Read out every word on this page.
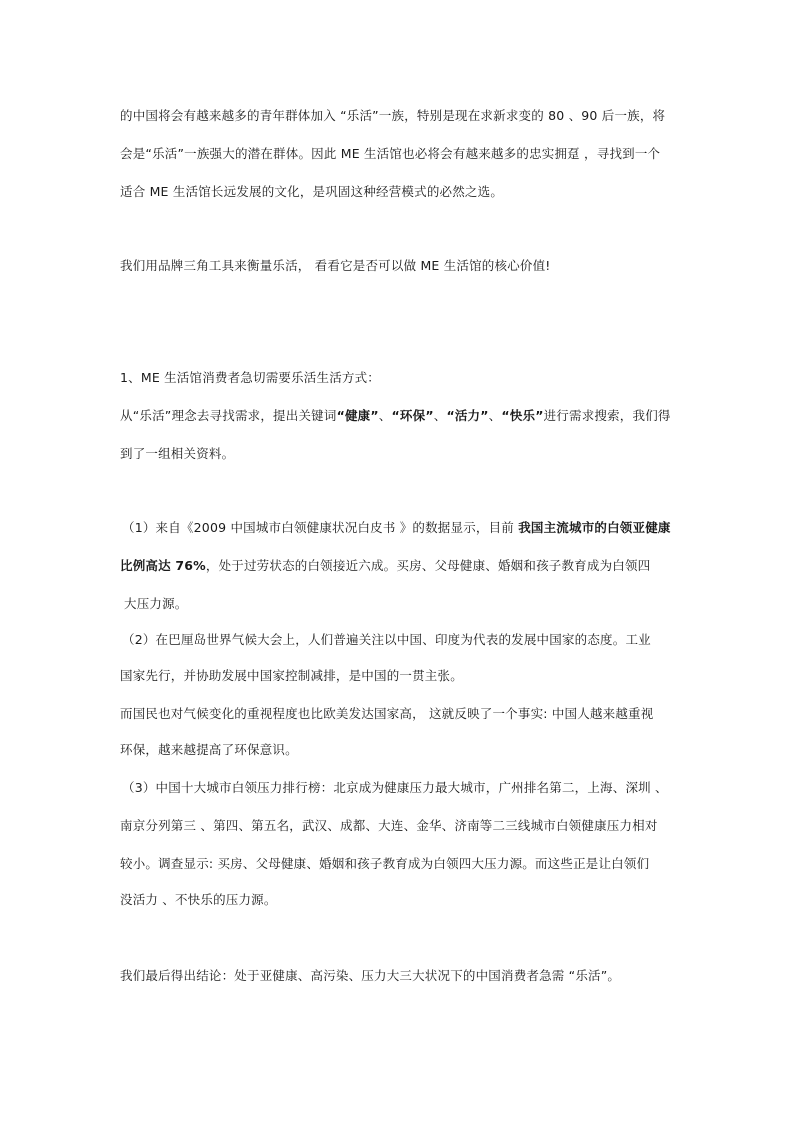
的中国将会有越来越多的青年群体加入 “乐活”一族，特别是现在求新求变的 80 、90 后一族，将
会是“乐活”一族强大的潜在群体。因此 ME 生活馆也必将会有越来越多的忠实拥趸 ，寻找到一个
适合 ME 生活馆长远发展的文化，是巩固这种经营模式的必然之选。
我们用品牌三角工具来衡量乐活， 看看它是否可以做 ME 生活馆的核心价值!
1、ME 生活馆消费者急切需要乐活生活方式：
从“乐活”理念去寻找需求，提出关键词“健康”、“环保”、“活力”、“快乐”进行需求搜索，我们得
到了一组相关资料。
（1）来自《2009 中国城市白领健康状况白皮书 》的数据显示，目前 我国主流城市的白领亚健康
比例高达 76%，处于过劳状态的白领接近六成。买房、父母健康、婚姻和孩子教育成为白领四
大压力源。
（2）在巴厘岛世界气候大会上，人们普遍关注以中国、印度为代表的发展中国家的态度。工业
国家先行，并协助发展中国家控制减排，是中国的一贯主张。
而国民也对气候变化的重视程度也比欧美发达国家高， 这就反映了一个事实: 中国人越来越重视
环保，越来越提高了环保意识。
（3）中国十大城市白领压力排行榜：北京成为健康压力最大城市，广州排名第二，上海、深圳 、
南京分列第三 、第四、第五名，武汉、成都、大连、金华、济南等二三线城市白领健康压力相对
较小。调查显示: 买房、父母健康、婚姻和孩子教育成为白领四大压力源。而这些正是让白领们
没活力 、不快乐的压力源。
我们最后得出结论：处于亚健康、高污染、压力大三大状况下的中国消费者急需 “乐活”。
